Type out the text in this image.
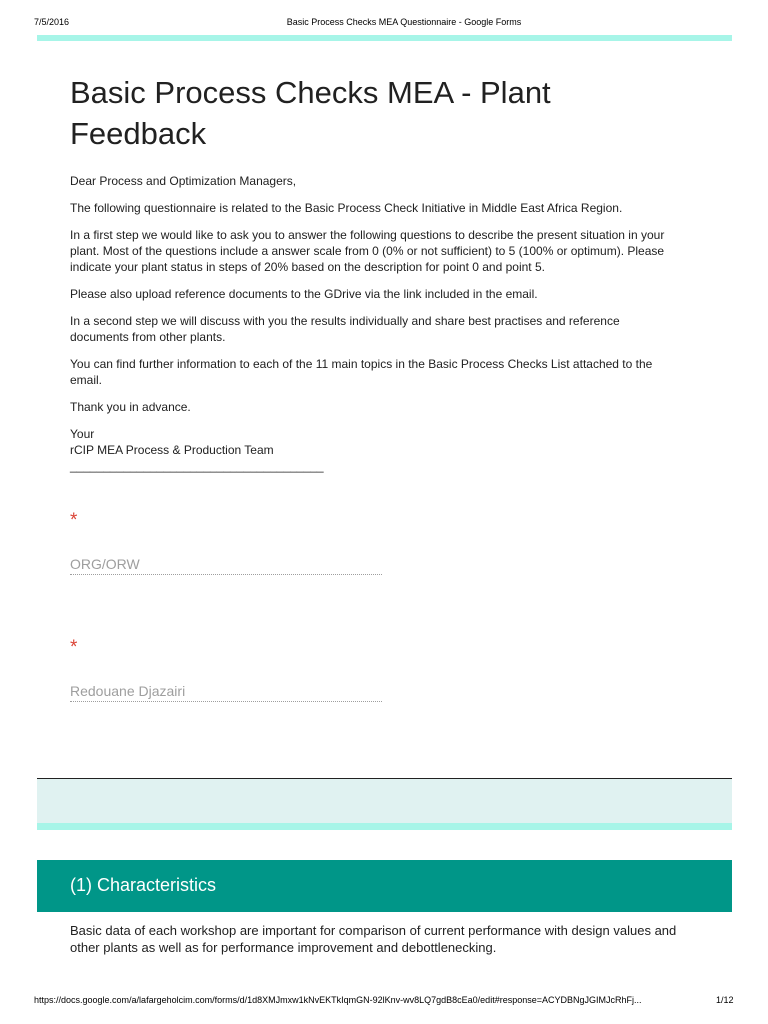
7/5/2016	Basic Process Checks MEA Questionnaire - Google Forms
Basic Process Checks MEA - Plant Feedback

Dear Process and Optimization Managers,

The following questionnaire is related to the Basic Process Check Initiative in Middle East Africa Region.

In a first step we would like to ask you to answer the following questions to describe the present situation in your
plant. Most of the questions include a answer scale from 0 (0% or not sufficient) to 5 (100% or optimum). Please
indicate your plant status in steps of 20% based on the description for point 0 and point 5.

Please also upload reference documents to the GDrive via the link included in the email.

In a second step we will discuss with you the results individually and share best practises and reference
documents from other plants.

You can find further information to each of the 11 main topics in the Basic Process Checks List attached to the
email.

Thank you in advance.

Your
rCIP MEA Process & Production Team
______________________________________

*
ORG/ORW
*
Redouane Djazairi
(1) Characteristics
Basic data of each workshop are important for comparison of current performance with design values and
other plants as well as for performance improvement and debottlenecking.
https://docs.google.com/a/lafargeholcim.com/forms/d/1d8XMJmxw1kNvEKTkIqmGN-92lKnv-wv8LQ7gdB8cEa0/edit#response=ACYDBNgJGIMJcRhFj...	1/12
